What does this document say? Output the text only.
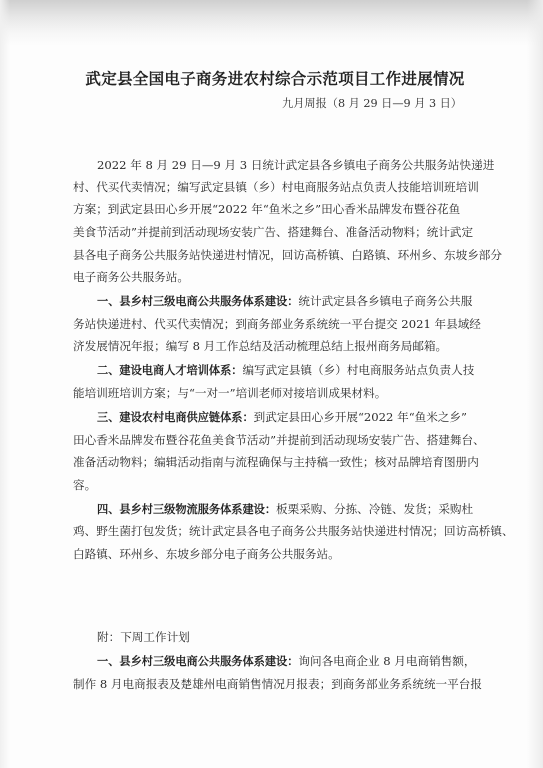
武定县全国电子商务进农村综合示范项目工作进展情况
九月周报（8 月 29 日—9 月 3 日）
2022 年 8 月 29 日—9 月 3 日统计武定县各乡镇电子商务公共服务站快递进
村、代买代卖情况；编写武定县镇（乡）村电商服务站点负责人技能培训班培训
方案；到武定县田心乡开展“2022 年“鱼米之乡”田心香米品牌发布暨谷花鱼
美食节活动”并提前到活动现场安装广告、搭建舞台、准备活动物料；统计武定
县各电子商务公共服务站快递进村情况，回访高桥镇、白路镇、环州乡、东坡乡部分
电子商务公共服务站。
一、县乡村三级电商公共服务体系建设：统计武定县各乡镇电子商务公共服
务站快递进村、代买代卖情况；到商务部业务系统统一平台提交 2021 年县域经
济发展情况年报；编写 8 月工作总结及活动梳理总结上报州商务局邮箱。
二、建设电商人才培训体系：编写武定县镇（乡）村电商服务站点负责人技
能培训班培训方案；与“一对一”培训老师对接培训成果材料。
三、建设农村电商供应链体系：到武定县田心乡开展“2022 年“鱼米之乡”
田心香米品牌发布暨谷花鱼美食节活动”并提前到活动现场安装广告、搭建舞台、
准备活动物料；编辑活动指南与流程确保与主持稿一致性；核对品牌培育图册内
容。
四、县乡村三级物流服务体系建设：板栗采购、分拣、冷链、发货；采购杜
鸡、野生菌打包发货；统计武定县各电子商务公共服务站快递进村情况；回访高桥镇、
白路镇、环州乡、东坡乡部分电子商务公共服务站。
附：下周工作计划
一、县乡村三级电商公共服务体系建设：询问各电商企业 8 月电商销售额，
制作 8 月电商报表及楚雄州电商销售情况月报表；到商务部业务系统统一平台报
